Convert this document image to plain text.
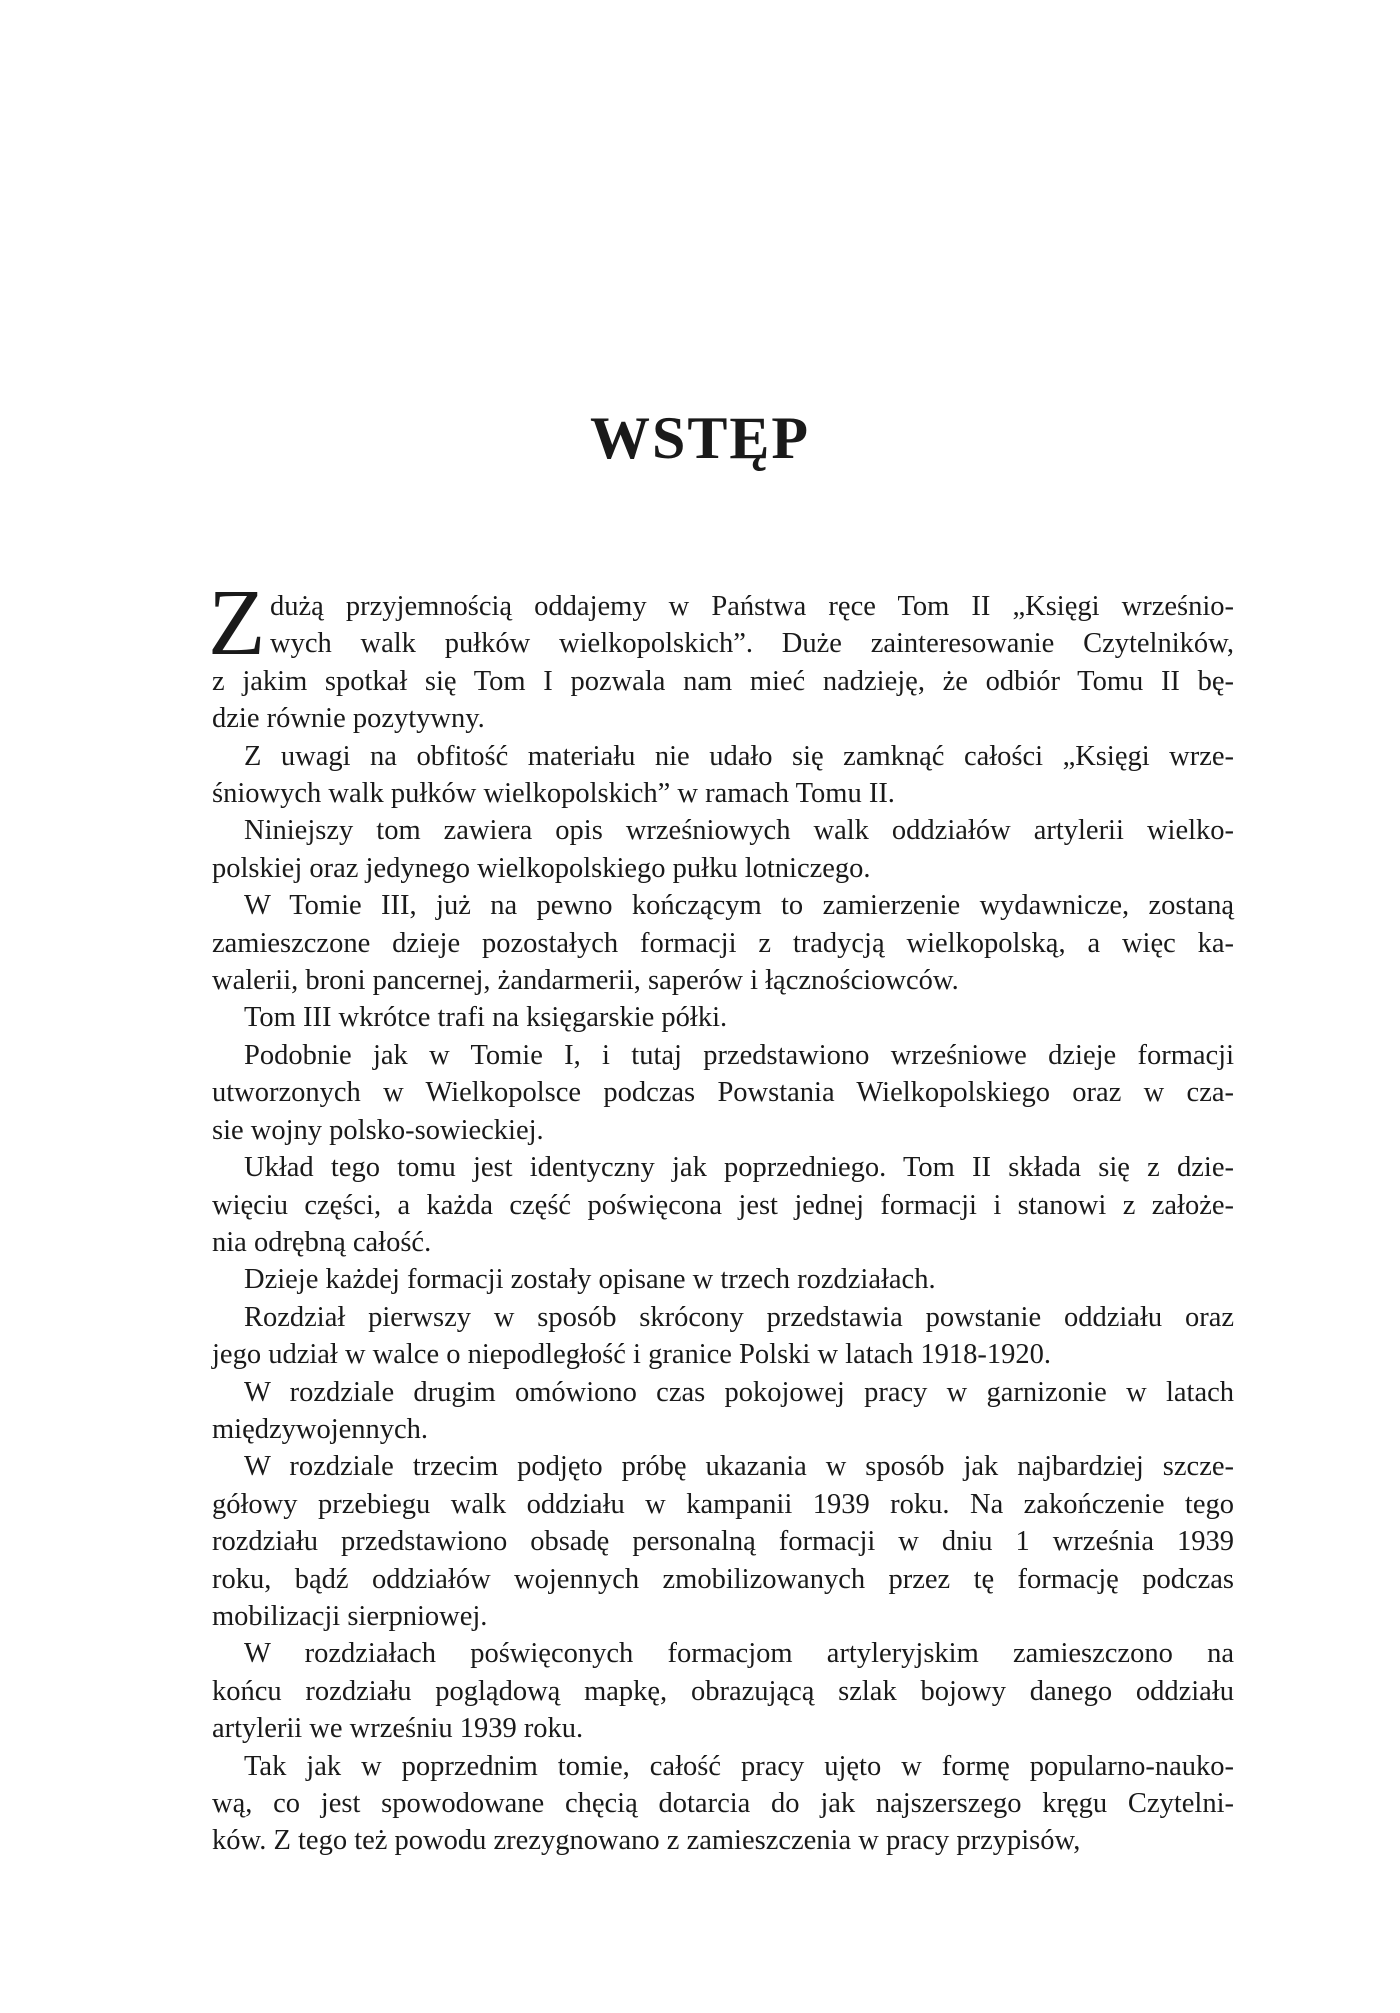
WSTĘP
Z dużą przyjemnością oddajemy w Państwa ręce Tom II „Księgi wrześnio-
wych walk pułków wielkopolskich”. Duże zainteresowanie Czytelników,
z jakim spotkał się Tom I pozwala nam mieć nadzieję, że odbiór Tomu II bę-
dzie równie pozytywny.
Z uwagi na obfitość materiału nie udało się zamknąć całości „Księgi wrze-
śniowych walk pułków wielkopolskich” w ramach Tomu II.
Niniejszy tom zawiera opis wrześniowych walk oddziałów artylerii wielko-
polskiej oraz jedynego wielkopolskiego pułku lotniczego.
W Tomie III, już na pewno kończącym to zamierzenie wydawnicze, zostaną
zamieszczone dzieje pozostałych formacji z tradycją wielkopolską, a więc ka-
walerii, broni pancernej, żandarmerii, saperów i łącznościowców.
Tom III wkrótce trafi na księgarskie półki.
Podobnie jak w Tomie I, i tutaj przedstawiono wrześniowe dzieje formacji
utworzonych w Wielkopolsce podczas Powstania Wielkopolskiego oraz w cza-
sie wojny polsko-sowieckiej.
Układ tego tomu jest identyczny jak poprzedniego. Tom II składa się z dzie-
więciu części, a każda część poświęcona jest jednej formacji i stanowi z założe-
nia odrębną całość.
Dzieje każdej formacji zostały opisane w trzech rozdziałach.
Rozdział pierwszy w sposób skrócony przedstawia powstanie oddziału oraz
jego udział w walce o niepodległość i granice Polski w latach 1918-1920.
W rozdziale drugim omówiono czas pokojowej pracy w garnizonie w latach
międzywojennych.
W rozdziale trzecim podjęto próbę ukazania w sposób jak najbardziej szcze-
gółowy przebiegu walk oddziału w kampanii 1939 roku. Na zakończenie tego
rozdziału przedstawiono obsadę personalną formacji w dniu 1 września 1939
roku, bądź oddziałów wojennych zmobilizowanych przez tę formację podczas
mobilizacji sierpniowej.
W rozdziałach poświęconych formacjom artyleryjskim zamieszczono na
końcu rozdziału poglądową mapkę, obrazującą szlak bojowy danego oddziału
artylerii we wrześniu 1939 roku.
Tak jak w poprzednim tomie, całość pracy ujęto w formę popularno-nauko-
wą, co jest spowodowane chęcią dotarcia do jak najszerszego kręgu Czytelni-
ków. Z tego też powodu zrezygnowano z zamieszczenia w pracy przypisów,
